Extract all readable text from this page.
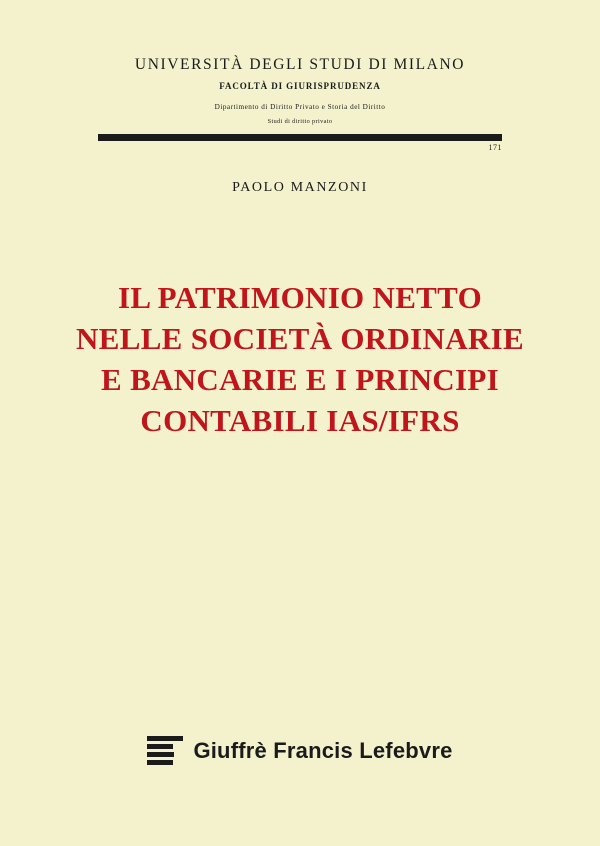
UNIVERSITÀ DEGLI STUDI DI MILANO
FACOLTÀ DI GIURISPRUDENZA
Dipartimento di Diritto Privato e Storia del Diritto
Studi di diritto privato
171
PAOLO MANZONI
IL PATRIMONIO NETTO
NELLE SOCIETÀ ORDINARIE
E BANCARIE E I PRINCIPI
CONTABILI IAS/IFRS
Giuffrè Francis Lefebvre
